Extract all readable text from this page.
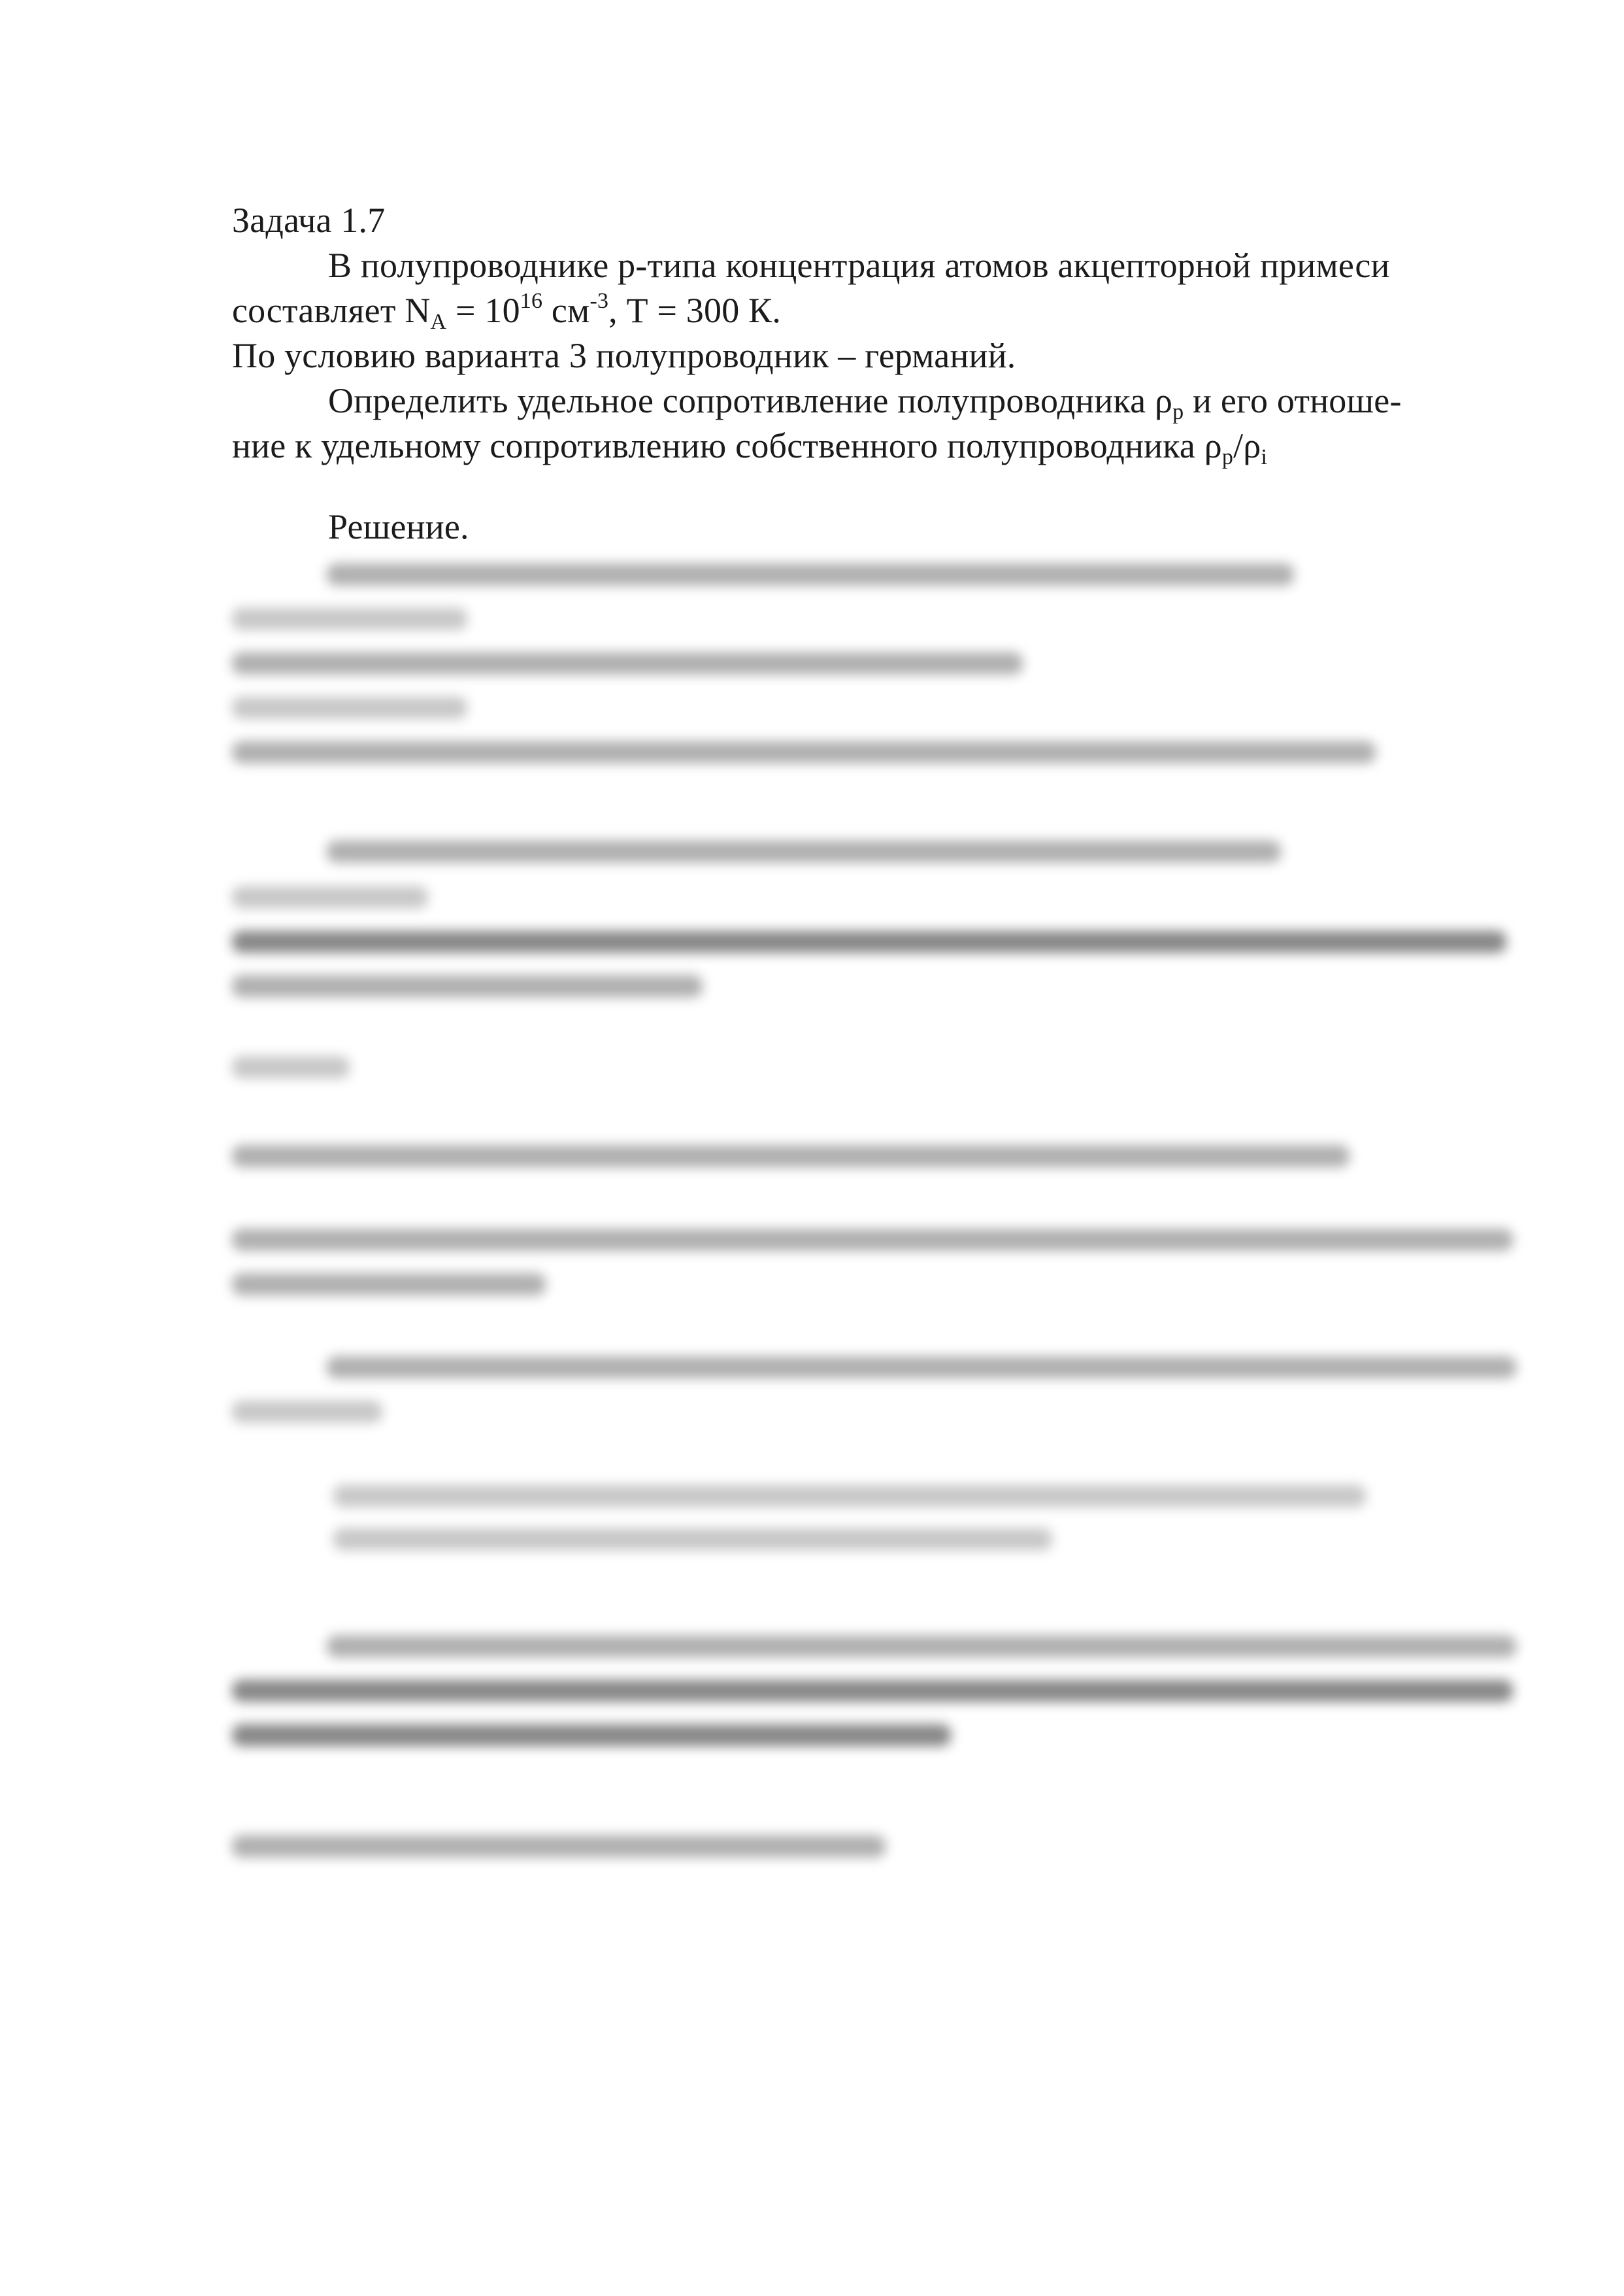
Задача 1.7
В полупроводнике р-типа концентрация атомов акцепторной примеси
составляет $N_A = 10^{16}$ $см^{-3}$, Т = 300 К.
По условию варианта 3 полупроводник – германий.
Определить удельное сопротивление полупроводника $\rho_p$ и его отноше-
ние к удельному сопротивлению собственного полупроводника $\rho_p/\rho_i$
Решение.
